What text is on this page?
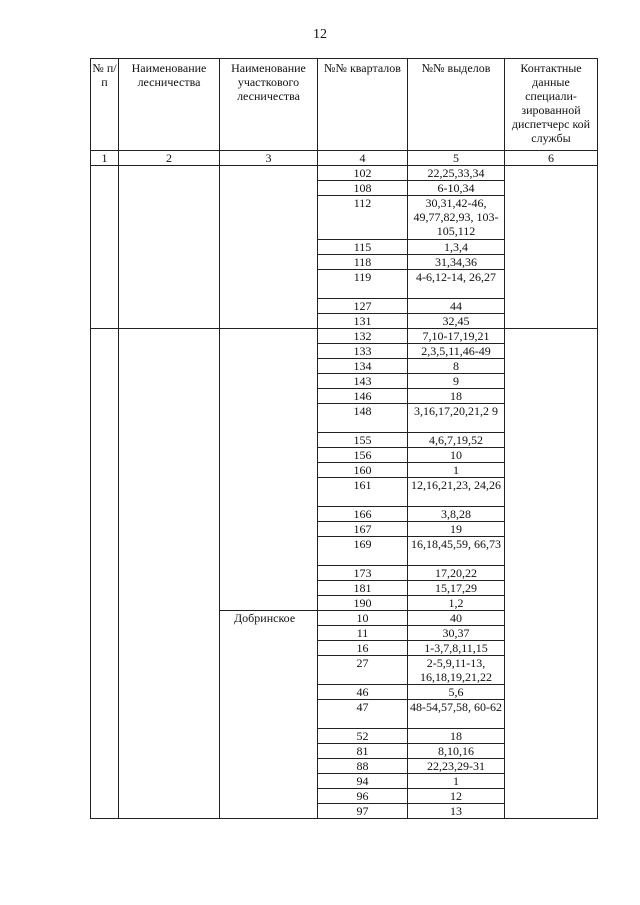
12
№ п/п	Наименование лесничества	Наименование участкового лесничества	№№ кварталов	№№ выделов	Контактные данные специали-зированной диспетчерс кой службы
1	2	3	4	5	6
			102	22,25,33,34	
			108	6-10,34	
			112	30,31,42-46, 49,77,82,93, 103-105,112	
			115	1,3,4	
			118	31,34,36	
			119	4-6,12-14, 26,27	
			127	44	
			131	32,45	
			132	7,10-17,19,21	
			133	2,3,5,11,46-49	
			134	8	
			143	9	
			146	18	
			148	3,16,17,20,21,2 9	
			155	4,6,7,19,52	
			156	10	
			160	1	
			161	12,16,21,23, 24,26	
			166	3,8,28	
			167	19	
			169	16,18,45,59, 66,73	
			173	17,20,22	
			181	15,17,29	
			190	1,2	
		Добринское	10	40	
			11	30,37	
			16	1-3,7,8,11,15	
			27	2-5,9,11-13, 16,18,19,21,22	
			46	5,6	
			47	48-54,57,58, 60-62	
			52	18	
			81	8,10,16	
			88	22,23,29-31	
			94	1	
			96	12	
			97	13	
